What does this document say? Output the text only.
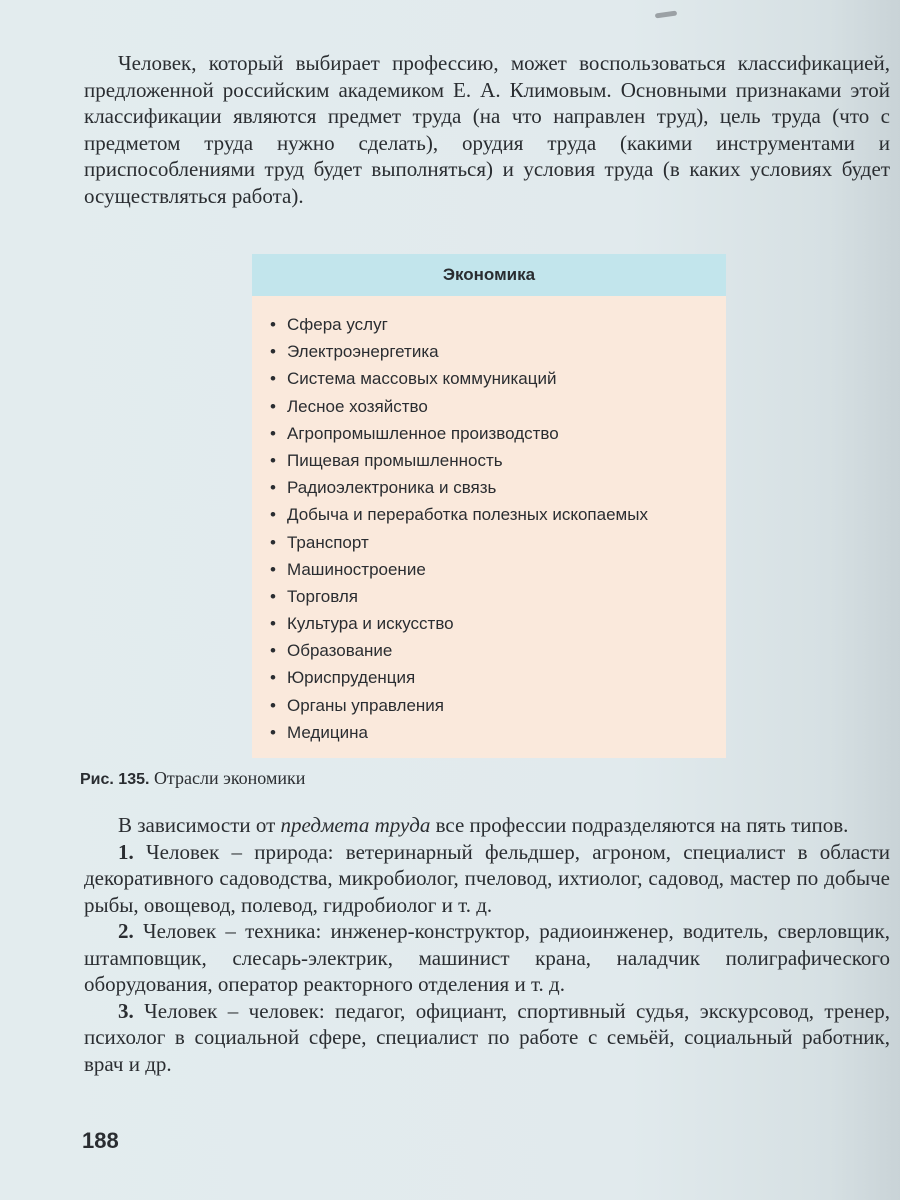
Человек, который выбирает профессию, может воспользоваться классификацией, предложенной российским академиком Е. А. Климовым. Основными признаками этой классификации являются предмет труда (на что направлен труд), цель труда (что с предметом труда нужно сделать), орудия труда (какими инструментами и приспособлениями труд будет выполняться) и условия труда (в каких условиях будет осуществляться работа).

Экономика
• Сфера услуг
• Электроэнергетика
• Система массовых коммуникаций
• Лесное хозяйство
• Агропромышленное производство
• Пищевая промышленность
• Радиоэлектроника и связь
• Добыча и переработка полезных ископаемых
• Транспорт
• Машиностроение
• Торговля
• Культура и искусство
• Образование
• Юриспруденция
• Органы управления
• Медицина
Рис. 135. Отрасли экономики

В зависимости от предмета труда все профессии подразделяются на пять типов.

1. Человек – природа: ветеринарный фельдшер, агроном, специалист в области декоративного садоводства, микробиолог, пчеловод, ихтиолог, садовод, мастер по добыче рыбы, овощевод, полевод, гидробиолог и т. д.

2. Человек – техника: инженер-конструктор, радиоинженер, водитель, сверловщик, штамповщик, слесарь-электрик, машинист крана, наладчик полиграфического оборудования, оператор реакторного отделения и т. д.

3. Человек – человек: педагог, официант, спортивный судья, экскурсовод, тренер, психолог в социальной сфере, специалист по работе с семьёй, социальный работник, врач и др.

188
